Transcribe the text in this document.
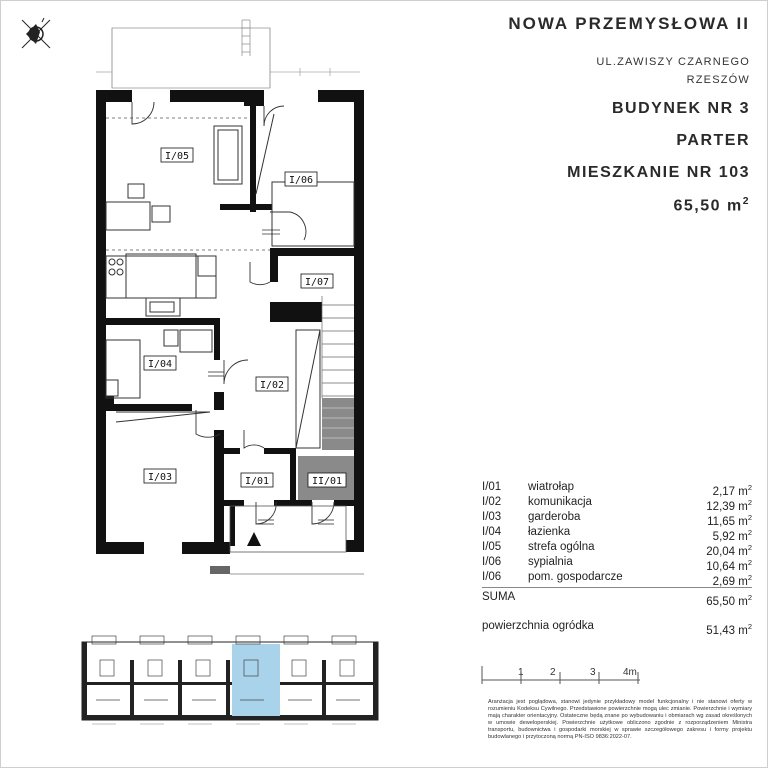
I/05
I/06
I/07
I/04
I/02
I/03	I/01	II/01
1	2	3	4m
NOWA PRZEMYSŁOWA II
UL.ZAWISZY CZARNEGO
RZESZÓW
BUDYNEK NR 3
PARTER
MIESZKANIE NR 103
65,50 $m^2$
I/01 wiatrołap	2,17 $m^2$
I/02 komunikacja	12,39 $m^2$
I/03 garderoba	11,65 $m^2$
I/04 łazienka	5,92 $m^2$
I/05 strefa ogólna	20,04 $m^2$
I/06 sypialnia	10,64 $m^2$
I/06 pom. gospodarcze	2,69 $m^2$
SUMA	65,50 $m^2$
powierzchnia ogródka	51,43 $m^2$
Aranżacja jest poglądowa, stanowi jedynie przykładowy model funkcjonalny i nie stanowi oferty w rozumieniu Kodeksu Cywilnego. Przedstawione powierzchnie mogą ulec zmianie. Powierzchnie i wymiary mają charakter orientacyjny. Ostateczne będą znane po wybudowaniu i obmiarach wg zasad określonych w umowie deweloperskiej. Powierzchnie użytkowe obliczono zgodnie z rozporządzeniem Ministra transportu, budownictwa i gospodarki morskiej w sprawie szczegółowego zakresu i formy projektu budowlanego i przytoczoną normą PN-ISO 9836:2022-07.
